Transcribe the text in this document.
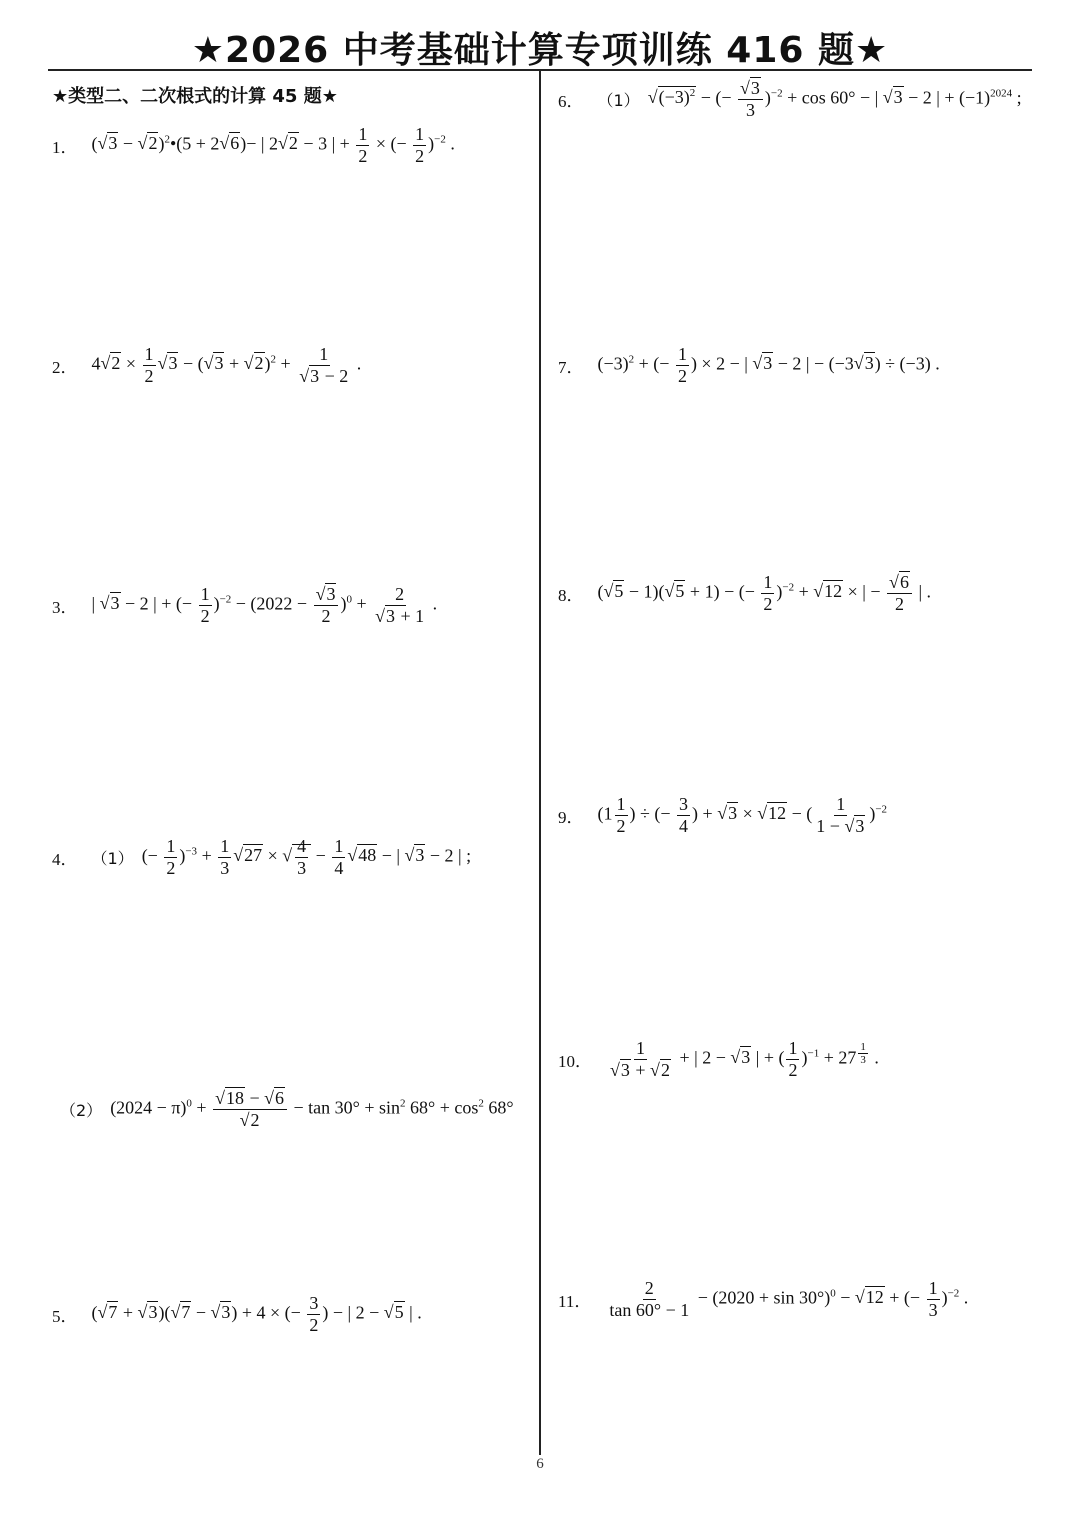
★2026 中考基础计算专项训练 416 题★
★类型二、二次根式的计算 45 题★
1． $(√3 - √2)^2•(5 + 2√6)-$ | 2√2 − 3 | + $\frac{1}{2}$ × (− $\frac{1}{2} )^{-2}$ .
2． $4√2 \times \frac{1}{2} √3 - (√3 + √2)^2 + \frac{1}{√3 - 2}$ .
3． | √3 − 2 | + (− $\frac{1}{2} )^{-2} - (2022 - \frac{√3}{2} )^0 + \frac{2}{√3 + 1}$ .
4． （1） (− $\frac{1}{2} )^{-3} + \frac{1}{3} √27$ × √ $\frac{4}{3} - \frac{1}{4} √48$ − | √3 − 2 | ;
（2） $(2024 - \pi)^0 + \frac{√18 - √6}{√2} - \tan 30^\circ + \sin^2 68^\circ + \cos^2 68^\circ$
5． (√7 + √3)(√7 − √3) + 4 × (− $\frac{3}{2}$ ) − | 2 − √5 | .
6． （1） $√(-3)^2$ − (− $\frac{√3}{3} )^{-2} + \cos 60^\circ$ − | √3 − 2 | + $(-1)^{2024}$ ;
7． $(-3)^2$ + (− $\frac{1}{2}$ ) × 2 − | √3 − 2 | − (−3√3) ÷ (−3) .
8． (√5 − 1)(√5 + 1) − (− $\frac{1}{2} )^{-2} + √12$ × | − $\frac{√6}{2}$ | .
9． ($1 \frac{1}{2}$ ) ÷ (− $\frac{3}{4}$ ) + √3 × √12 − ( $\frac{1}{1 - √3} )^{-2}$
10． $\frac{1}{√3 + √2}$ + | 2 − √3 | + ( $\frac{1}{2} )^{-1} + 27$ $^{\frac{1}{3}}$ .
11． $\frac{2}{\tan 60^\circ - 1} - (2020 + \sin 30^\circ)^0 - √12$ + (− $\frac{1}{3} )^{-2}$ .
6
